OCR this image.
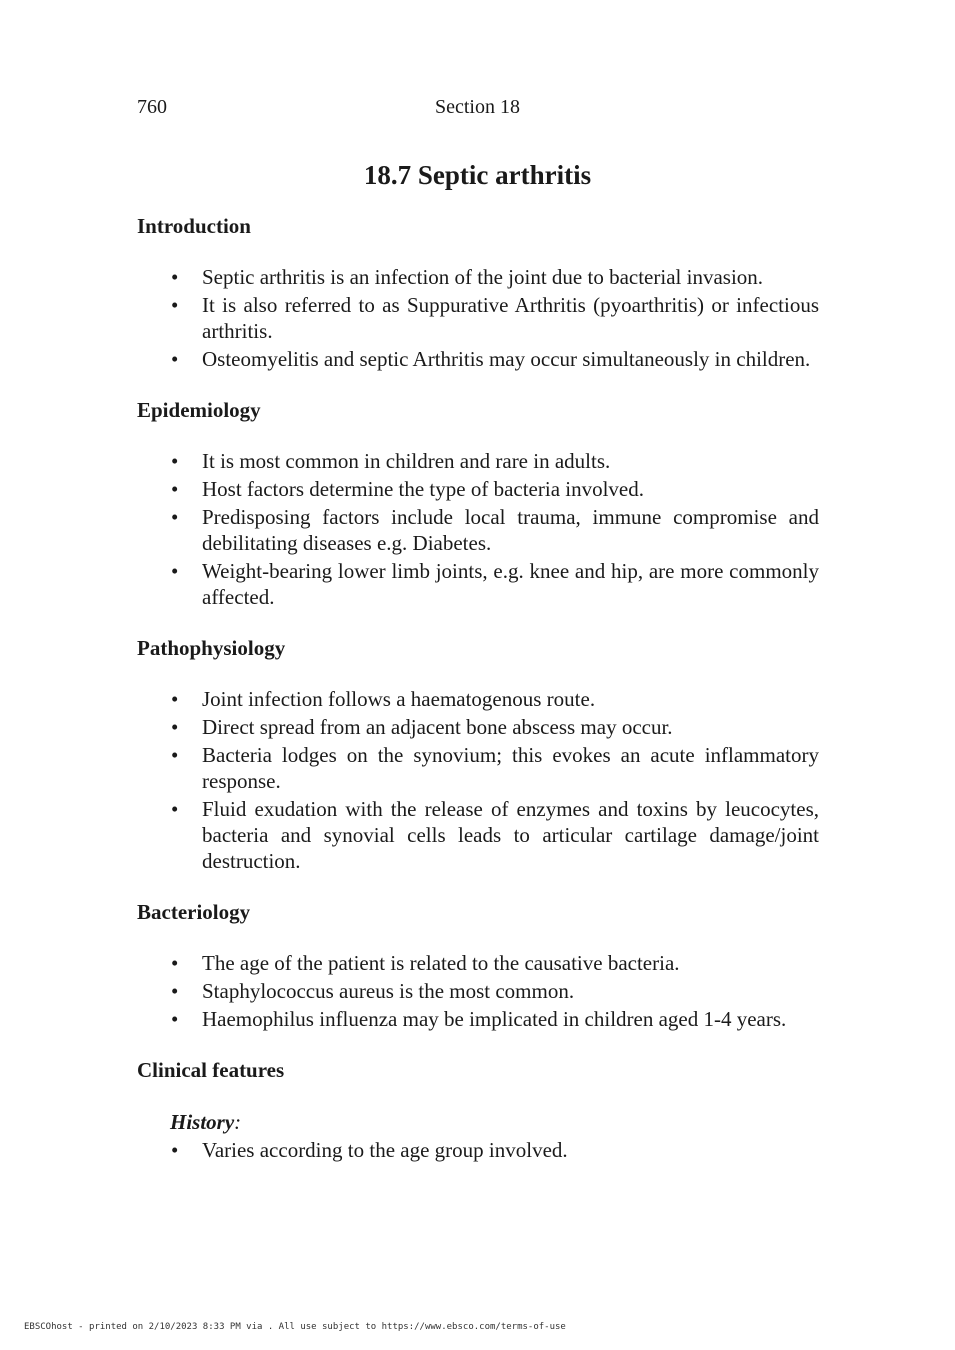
760	Section 18
18.7 Septic arthritis
Introduction
• Septic arthritis is an infection of the joint due to bacterial invasion.
• It is also referred to as Suppurative Arthritis (pyoarthritis) or infectious arthritis.
• Osteomyelitis and septic Arthritis may occur simultaneously in children.
Epidemiology
• It is most common in children and rare in adults.
• Host factors determine the type of bacteria involved.
• Predisposing factors include local trauma, immune compromise and debilitating diseases e.g. Diabetes.
• Weight-bearing lower limb joints, e.g. knee and hip, are more commonly affected.
Pathophysiology
• Joint infection follows a haematogenous route.
• Direct spread from an adjacent bone abscess may occur.
• Bacteria lodges on the synovium; this evokes an acute inflammatory response.
• Fluid exudation with the release of enzymes and toxins by leucocytes, bacteria and synovial cells leads to articular cartilage damage/joint destruction.
Bacteriology
• The age of the patient is related to the causative bacteria.
• Staphylococcus aureus is the most common.
• Haemophilus influenza may be implicated in children aged 1-4 years.
Clinical features
History:
• Varies according to the age group involved.
EBSCOhost - printed on 2/10/2023 8:33 PM via . All use subject to https://www.ebsco.com/terms-of-use
